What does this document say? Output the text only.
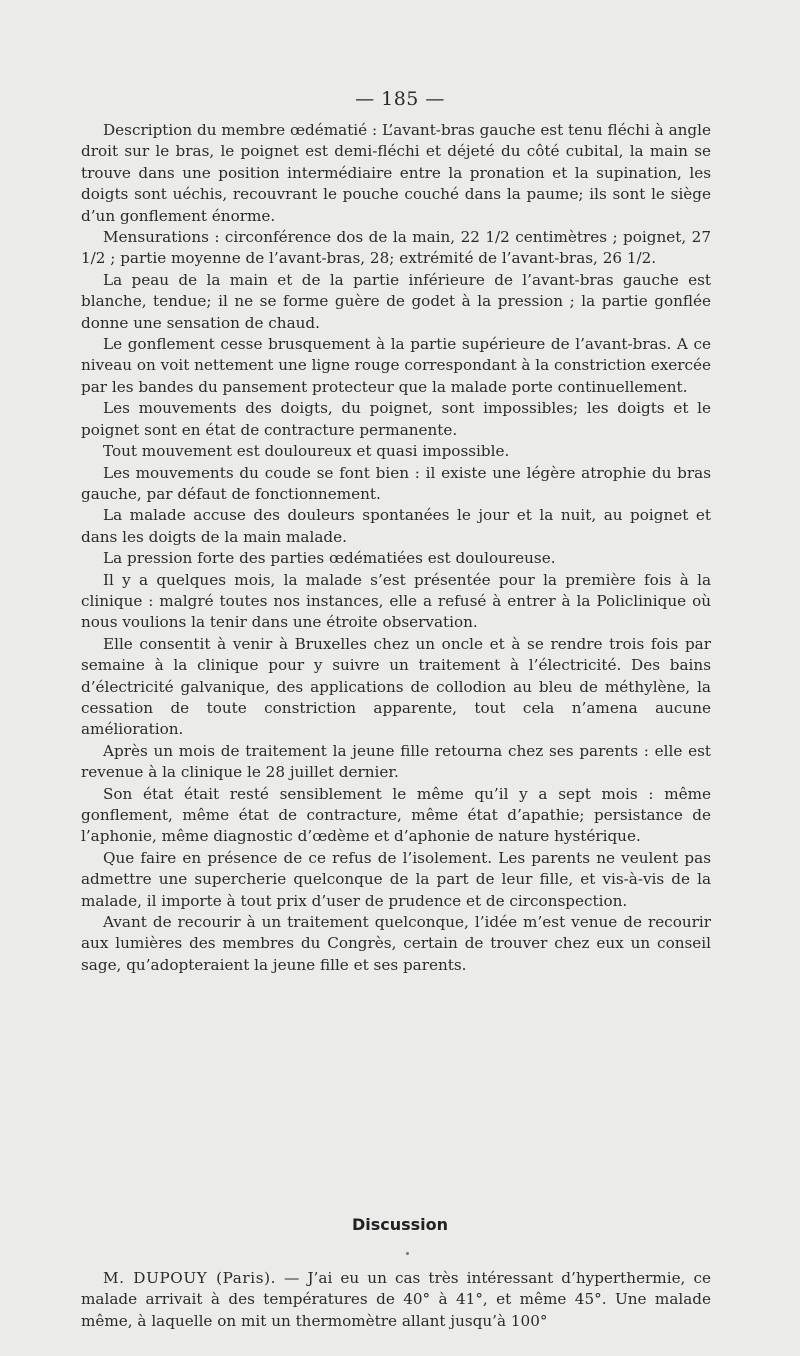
— 185 —

Description du membre œdématié : L’avant-bras gauche est tenu fléchi à angle droit sur le bras, le poignet est demi-fléchi et déjeté du côté cubital, la main se trouve dans une position intermédiaire entre la pronation et la supination, les doigts sont uéchis, recouvrant le pouche couché dans la paume; ils sont le siège d’un gonflement énorme.

Mensurations : circonférence dos de la main, 22 1/2 centimètres ; poignet, 27 1/2 ; partie moyenne de l’avant-bras, 28; extrémité de l’avant-bras, 26 1/2.

La peau de la main et de la partie inférieure de l’avant-bras gauche est blanche, tendue; il ne se forme guère de godet à la pression ; la partie gonflée donne une sensation de chaud.

Le gonflement cesse brusquement à la partie supérieure de l’avant-bras. A ce niveau on voit nettement une ligne rouge correspondant à la constriction exercée par les bandes du pansement protecteur que la malade porte continuellement.

Les mouvements des doigts, du poignet, sont impossibles; les doigts et le poignet sont en état de contracture permanente.

Tout mouvement est douloureux et quasi impossible.

Les mouvements du coude se font bien : il existe une légère atrophie du bras gauche, par défaut de fonctionnement.

La malade accuse des douleurs spontanées le jour et la nuit, au poignet et dans les doigts de la main malade.

La pression forte des parties œdématiées est douloureuse.

Il y a quelques mois, la malade s’est présentée pour la première fois à la clinique : malgré toutes nos instances, elle a refusé à entrer à la Policlinique où nous voulions la tenir dans une étroite observation.

Elle consentit à venir à Bruxelles chez un oncle et à se rendre trois fois par semaine à la clinique pour y suivre un traitement à l’électricité. Des bains d’électricité galvanique, des applications de collodion au bleu de méthylène, la cessation de toute constriction apparente, tout cela n’amena aucune amélioration.

Après un mois de traitement la jeune fille retourna chez ses parents : elle est revenue à la clinique le 28 juillet dernier.

Son état était resté sensiblement le même qu’il y a sept mois : même gonflement, même état de contracture, même état d’apathie; persistance de l’aphonie, même diagnostic d’œdème et d’aphonie de nature hystérique.

Que faire en présence de ce refus de l’isolement. Les parents ne veulent pas admettre une supercherie quelconque de la part de leur fille, et vis-à-vis de la malade, il importe à tout prix d’user de prudence et de circonspection.

Avant de recourir à un traitement quelconque, l’idée m’est venue de recourir aux lumières des membres du Congrès, certain de trouver chez eux un conseil sage, qu’adopteraient la jeune fille et ses parents.

Discussion

M. DUPOUY (Paris). — J’ai eu un cas très intéressant d’hyperthermie, ce malade arrivait à des températures de 40° à 41°, et même 45°. Une malade même, à laquelle on mit un thermomètre allant jusqu’à 100°
